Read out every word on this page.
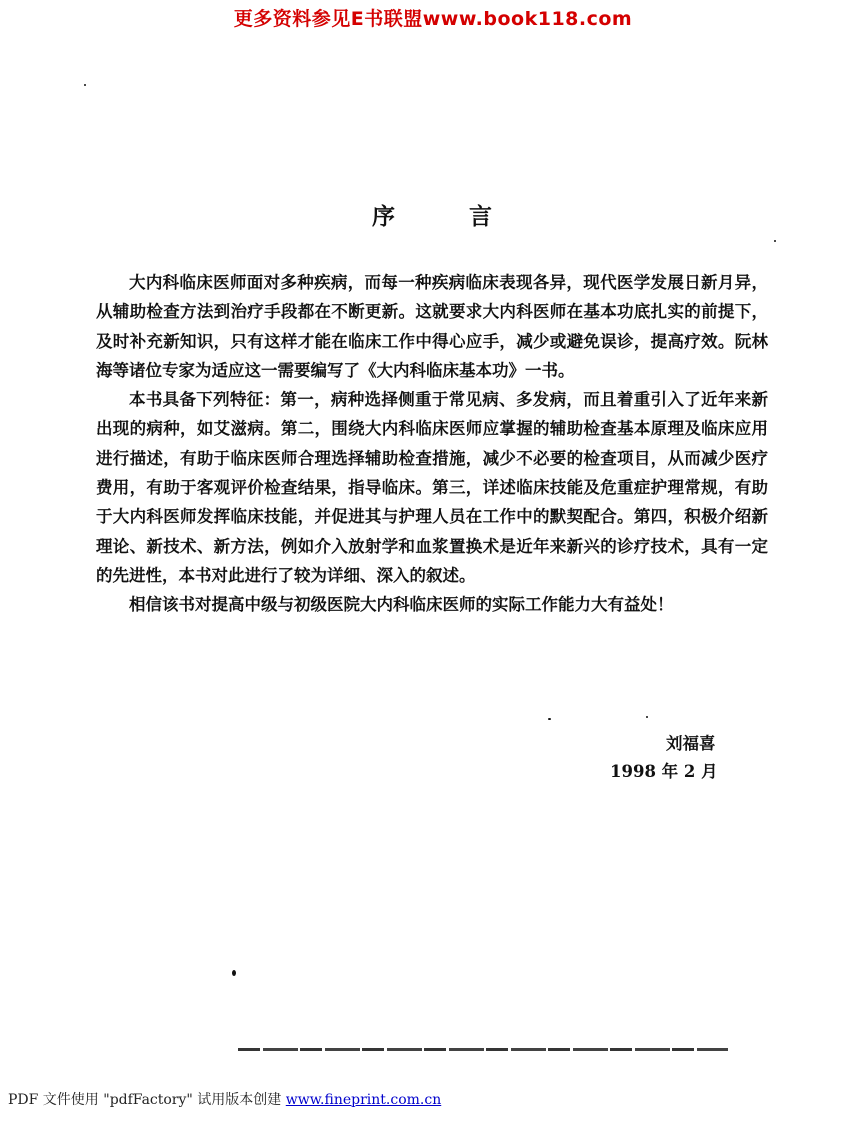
更多资料参见E书联盟www.book118.com
序	言

大内科临床医师面对多种疾病，而每一种疾病临床表现各异，现代医学发展日新月异，从辅助检查方法到治疗手段都在不断更新。这就要求大内科医师在基本功底扎实的前提下，及时补充新知识，只有这样才能在临床工作中得心应手，减少或避免误诊，提高疗效。阮林海等诸位专家为适应这一需要编写了《大内科临床基本功》一书。

本书具备下列特征：第一，病种选择侧重于常见病、多发病，而且着重引入了近年来新出现的病种，如艾滋病。第二，围绕大内科临床医师应掌握的辅助检查基本原理及临床应用进行描述，有助于临床医师合理选择辅助检查措施，减少不必要的检查项目，从而减少医疗费用，有助于客观评价检查结果，指导临床。第三，详述临床技能及危重症护理常规，有助于大内科医师发挥临床技能，并促进其与护理人员在工作中的默契配合。第四，积极介绍新理论、新技术、新方法，例如介入放射学和血浆置换术是近年来新兴的诊疗技术，具有一定的先进性，本书对此进行了较为详细、深入的叙述。

相信该书对提高中级与初级医院大内科临床医师的实际工作能力大有益处！

刘福喜
1998 年 2 月
PDF 文件使用 "pdfFactory" 试用版本创建 www.fineprint.com.cn
